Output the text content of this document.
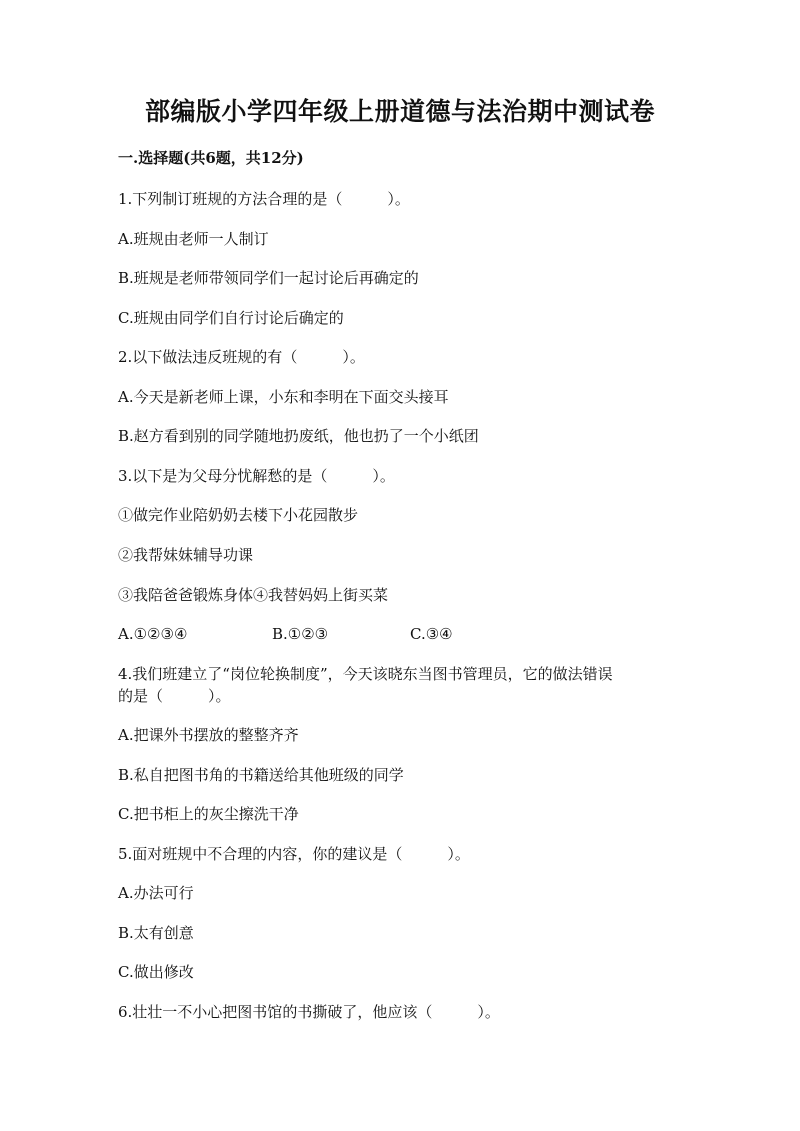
部编版小学四年级上册道德与法治期中测试卷
一.选择题(共6题，共12分)
1.下列制订班规的方法合理的是（　　　）。
A.班规由老师一人制订
B.班规是老师带领同学们一起讨论后再确定的
C.班规由同学们自行讨论后确定的
2.以下做法违反班规的有（　　　）。
A.今天是新老师上课，小东和李明在下面交头接耳
B.赵方看到别的同学随地扔废纸，他也扔了一个小纸团
3.以下是为父母分忧解愁的是（　　　）。
①做完作业陪奶奶去楼下小花园散步
②我帮妹妹辅导功课
③我陪爸爸锻炼身体④我替妈妈上街买菜
A.①②③④	B.①②③	C.③④
4.我们班建立了“岗位轮换制度”，今天该晓东当图书管理员，它的做法错误
的是（　　　）。
A.把课外书摆放的整整齐齐
B.私自把图书角的书籍送给其他班级的同学
C.把书柜上的灰尘擦洗干净
5.面对班规中不合理的内容，你的建议是（　　　）。
A.办法可行
B.太有创意
C.做出修改
6.壮壮一不小心把图书馆的书撕破了，他应该（　　　）。
